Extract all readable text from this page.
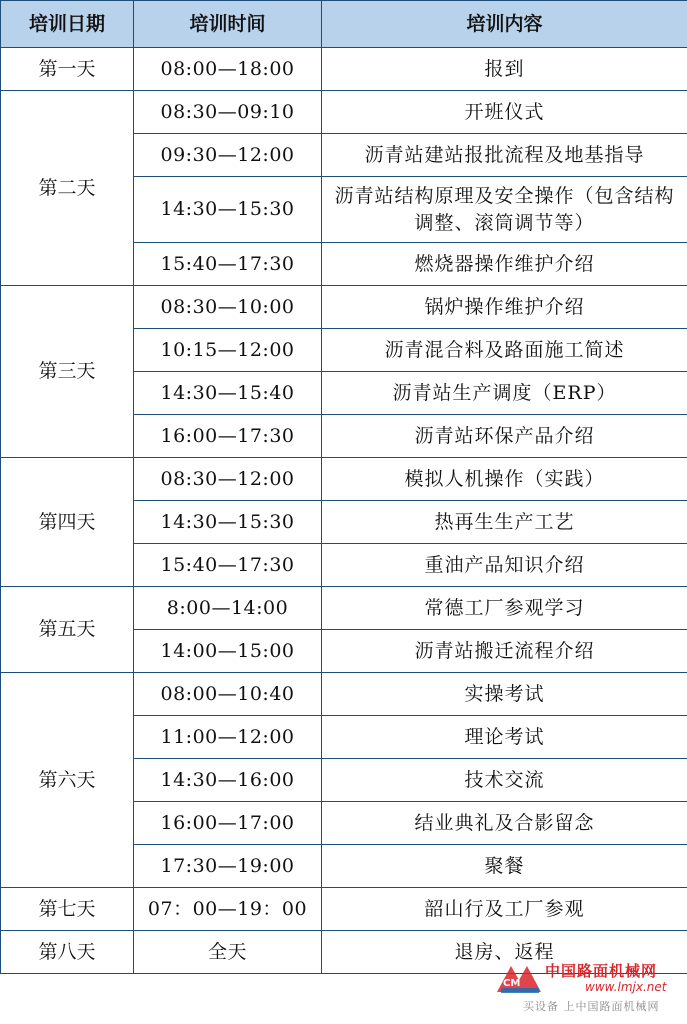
培训日期	培训时间	培训内容
第一天	08:00—18:00	报到
第二天	08:30—09:10	开班仪式
	09:30—12:00	沥青站建站报批流程及地基指导
	14:30—15:30	沥青站结构原理及安全操作（包含结构调整、滚筒调节等）
	15:40—17:30	燃烧器操作维护介绍
第三天	08:30—10:00	锅炉操作维护介绍
	10:15—12:00	沥青混合料及路面施工简述
	14:30—15:40	沥青站生产调度（ERP）
	16:00—17:30	沥青站环保产品介绍
第四天	08:30—12:00	模拟人机操作（实践）
	14:30—15:30	热再生生产工艺
	15:40—17:30	重油产品知识介绍
第五天	8:00—14:00	常德工厂参观学习
	14:00—15:00	沥青站搬迁流程介绍
第六天	08:00—10:40	实操考试
	11:00—12:00	理论考试
	14:30—16:00	技术交流
	16:00—17:00	结业典礼及合影留念
	17:30—19:00	聚餐
第七天	07：00—19：00	韶山行及工厂参观
第八天	全天	退房、返程
CM
中国路面机械网
www.lmjx.net
买设备 上中国路面机械网
